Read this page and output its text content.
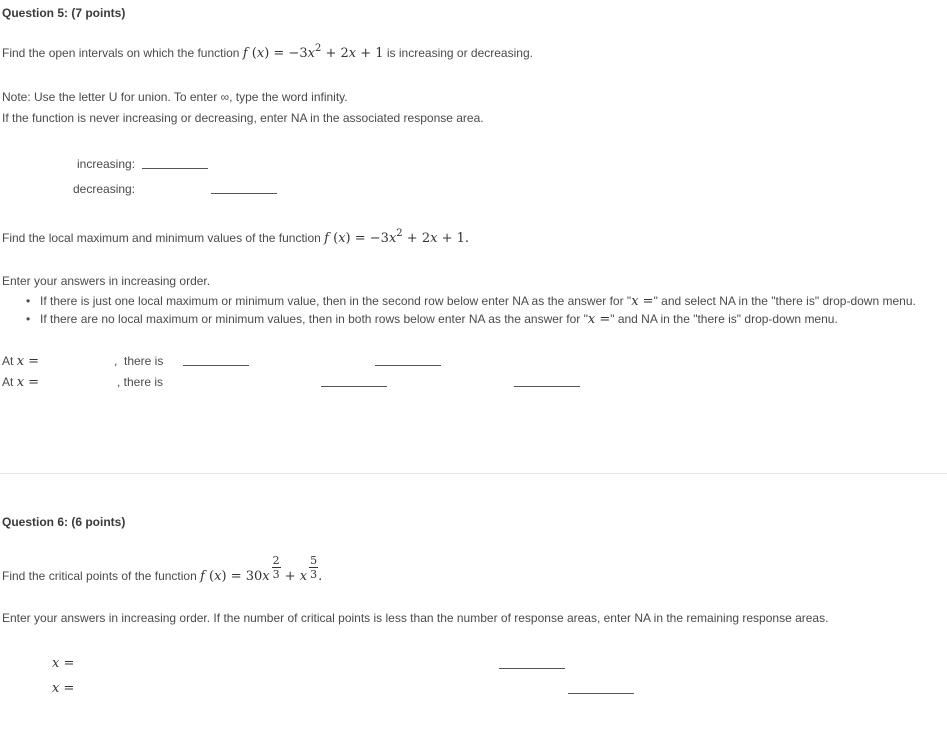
Question 5: (7 points)
Find the open intervals on which the function f $(x) = -3x^2 + 2x + 1$ is increasing or decreasing.
Note: Use the letter U for union. To enter ∞, type the word infinity.
If the function is never increasing or decreasing, enter NA in the associated response area.
increasing:

decreasing:

Find the local maximum and minimum values of the function f $(x) = -3x^2 + 2x + 1$.
Enter your answers in increasing order.
• If there is just one local maximum or minimum value, then in the second row below enter NA as the answer for "x =" and select NA in the "there is" drop-down menu.
• If there are no local maximum or minimum values, then in both rows below enter NA as the answer for "x =" and NA in the "there is" drop-down menu.
At x =
	, there is

At x =
	, there is

Question 6: (6 points)
Find the critical points of the function f $(x) = 30x \frac{2}{3} + x \frac{5}{3}$ .
Enter your answers in increasing order. If the number of critical points is less than the number of response areas, enter NA in the remaining response areas.
x =

x =
